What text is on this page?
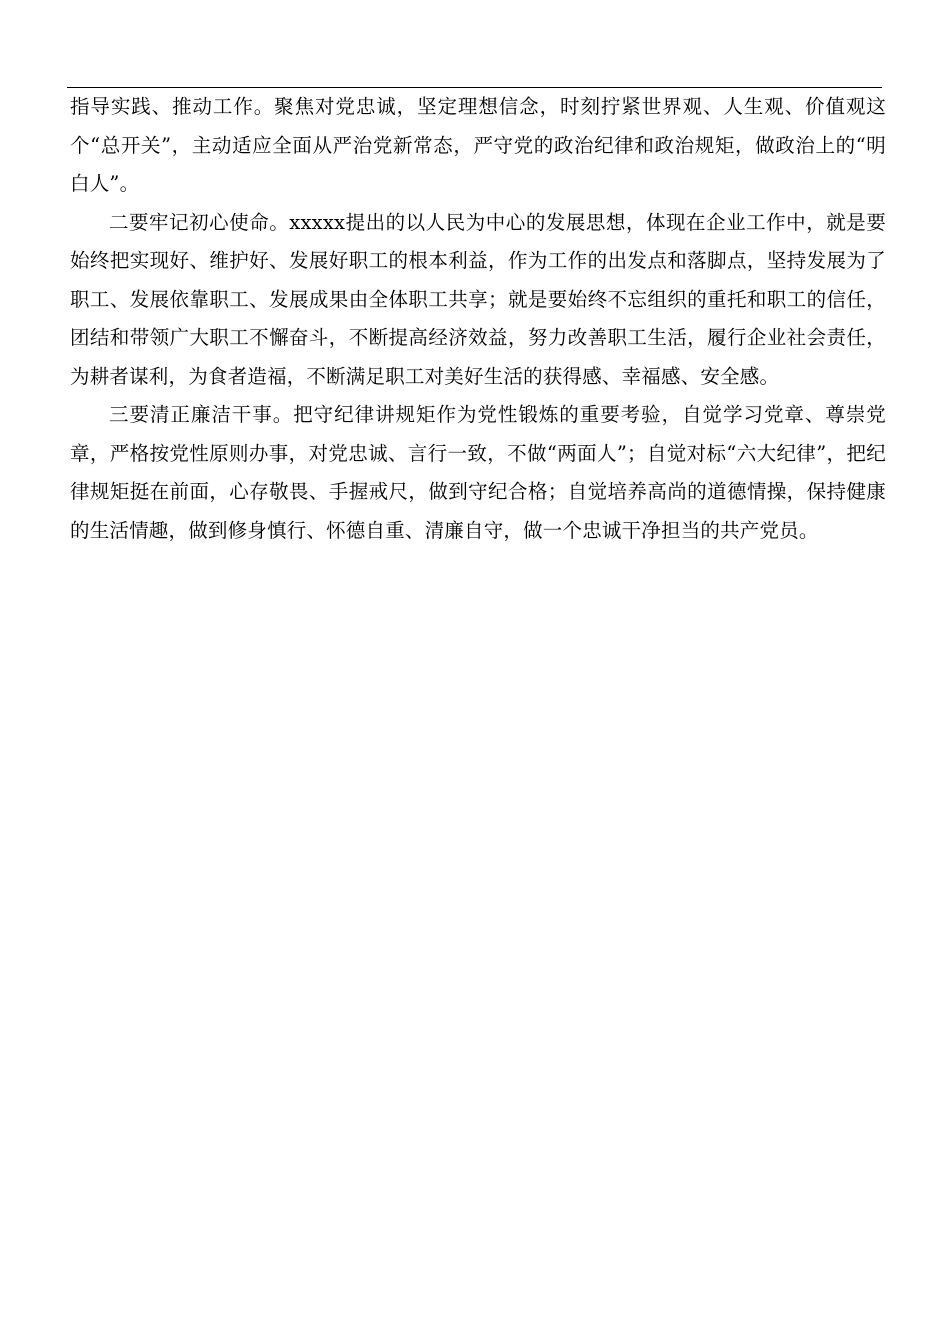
指导实践、推动工作。聚焦对党忠诚，坚定理想信念，时刻拧紧世界观、人生观、价值观这个“总开关”，主动适应全面从严治党新常态，严守党的政治纪律和政治规矩，做政治上的“明白人”。

二要牢记初心使命。xxxxx提出的以人民为中心的发展思想，体现在企业工作中，就是要始终把实现好、维护好、发展好职工的根本利益，作为工作的出发点和落脚点，坚持发展为了职工、发展依靠职工、发展成果由全体职工共享；就是要始终不忘组织的重托和职工的信任，团结和带领广大职工不懈奋斗，不断提高经济效益，努力改善职工生活，履行企业社会责任，为耕者谋利，为食者造福，不断满足职工对美好生活的获得感、幸福感、安全感。

三要清正廉洁干事。把守纪律讲规矩作为党性锻炼的重要考验，自觉学习党章、尊崇党章，严格按党性原则办事，对党忠诚、言行一致，不做“两面人”；自觉对标“六大纪律”，把纪律规矩挺在前面，心存敬畏、手握戒尺，做到守纪合格；自觉培养高尚的道德情操，保持健康的生活情趣，做到修身慎行、怀德自重、清廉自守，做一个忠诚干净担当的共产党员。
